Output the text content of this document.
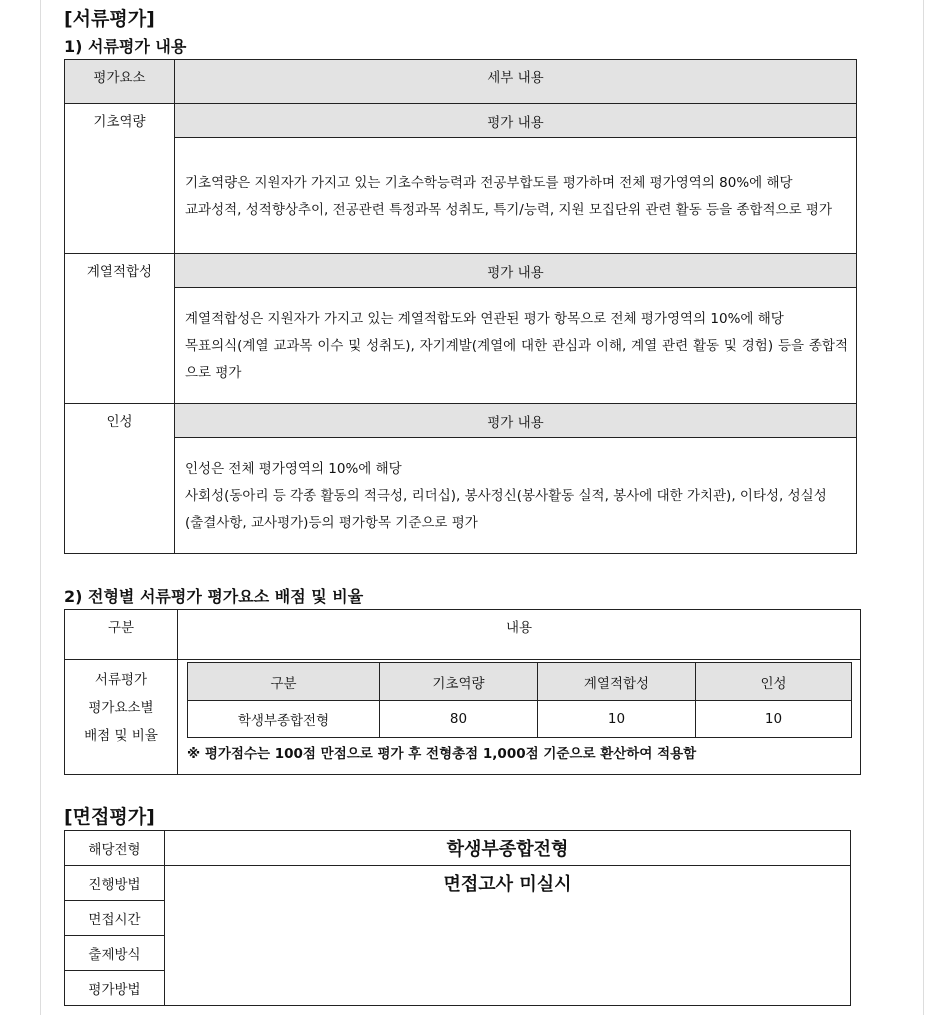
[서류평가]
1) 서류평가 내용
평가요소	세부 내용
기초역량	평가 내용

	기초역량은 지원자가 가지고 있는 기초수학능력과 전공부합도를 평가하며 전체 평가영역의 80%에 해당
교과성적, 성적향상추이, 전공관련 특정과목 성취도, 특기/능력, 지원 모집단위 관련 활동 등을 종합적으로 평가

계열적합성	평가 내용

	계열적합성은 지원자가 가지고 있는 계열적합도와 연관된 평가 항목으로 전체 평가영역의 10%에 해당
목표의식(계열 교과목 이수 및 성취도), 자기계발(계열에 대한 관심과 이해, 계열 관련 활동 및 경험) 등을 종합적으로 평가

인성	평가 내용

	인성은 전체 평가영역의 10%에 해당
사회성(동아리 등 각종 활동의 적극성, 리더십), 봉사정신(봉사활동 실적, 봉사에 대한 가치관), 이타성, 성실성
(출결사항, 교사평가)등의 평가항목 기준으로 평가
2) 전형별 서류평가 평가요소 배점 및 비율
구분	내용

서류평가
평가요소별
배점 및 비율

구분	기초역량	계열적합성	인성
학생부종합전형	80	10	10
※ 평가점수는 100점 만점으로 평가 후 전형총점 1,000점 기준으로 환산하여 적용함
[면접평가]
해당전형	학생부종합전형
진행방법	면접고사 미실시
면접시간	
출제방식	
평가방법	
